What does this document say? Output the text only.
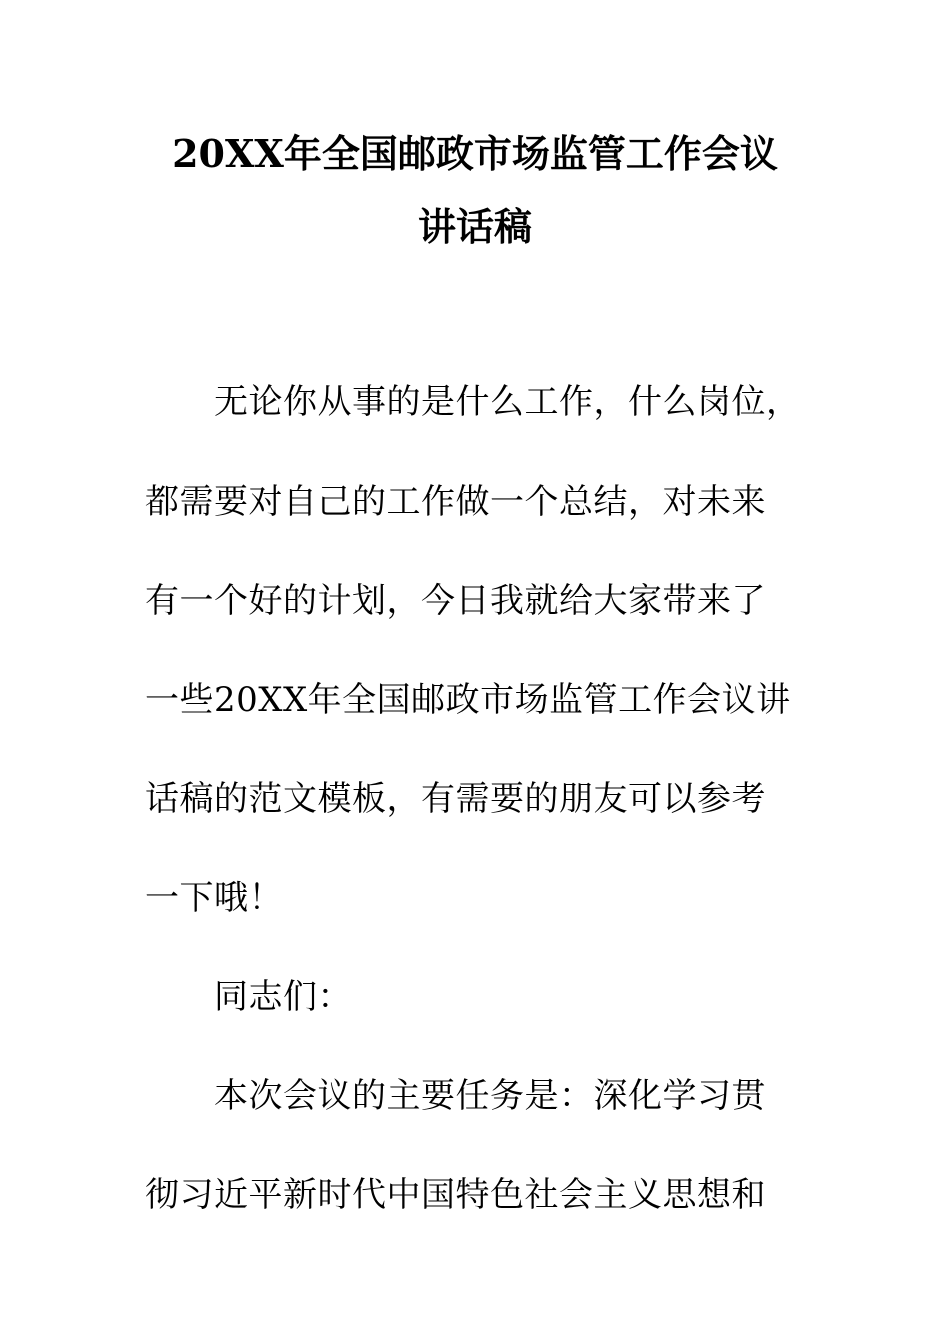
20XX年全国邮政市场监管工作会议
讲话稿
无论你从事的是什么工作，什么岗位，
都需要对自己的工作做一个总结，对未来
有一个好的计划，今日我就给大家带来了
一些20XX年全国邮政市场监管工作会议讲
话稿的范文模板，有需要的朋友可以参考
一下哦！
同志们：
本次会议的主要任务是：深化学习贯
彻习近平新时代中国特色社会主义思想和
